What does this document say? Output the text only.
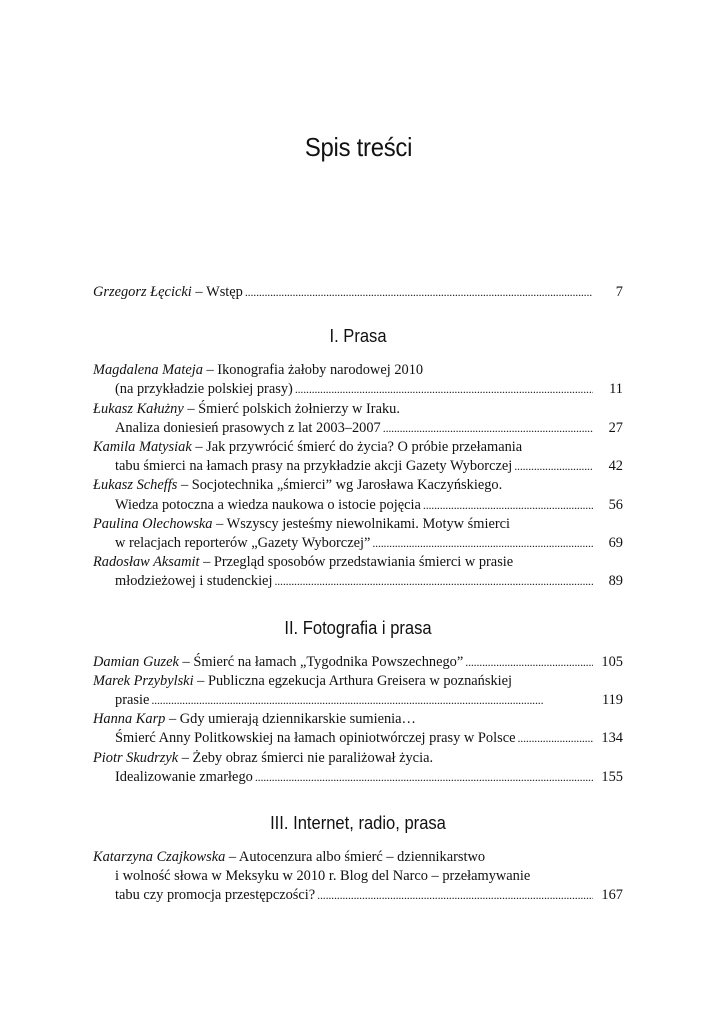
Spis treści
Grzegorz Łęcicki – Wstęp . . .	7
I. Prasa
Magdalena Mateja – Ikonografia żałoby narodowej 2010
(na przykładzie polskiej prasy) . . .	11
Łukasz Kałużny – Śmierć polskich żołnierzy w Iraku.
Analiza doniesień prasowych z lat 2003–2007 . . .	27
Kamila Matysiak – Jak przywrócić śmierć do życia? O próbie przełamania
tabu śmierci na łamach prasy na przykładzie akcji Gazety Wyborczej . . .	42
Łukasz Scheffs – Socjotechnika „śmierci” wg Jarosława Kaczyńskiego.
Wiedza potoczna a wiedza naukowa o istocie pojęcia . . .	56
Paulina Olechowska – Wszyscy jesteśmy niewolnikami. Motyw śmierci
w relacjach reporterów „Gazety Wyborczej” . . .	69
Radosław Aksamit – Przegląd sposobów przedstawiania śmierci w prasie
młodzieżowej i studenckiej . . .	89
II. Fotografia i prasa
Damian Guzek – Śmierć na łamach „Tygodnika Powszechnego” . . .	105
Marek Przybylski – Publiczna egzekucja Arthura Greisera w poznańskiej
prasie . . .	119
Hanna Karp – Gdy umierają dziennikarskie sumienia…
Śmierć Anny Politkowskiej na łamach opiniotwórczej prasy w Polsce . . .	134
Piotr Skudrzyk – Żeby obraz śmierci nie paraliżował życia.
Idealizowanie zmarłego . . .	155
III. Internet, radio, prasa
Katarzyna Czajkowska – Autocenzura albo śmierć – dziennikarstwo
i wolność słowa w Meksyku w 2010 r. Blog del Narco – przełamywanie
tabu czy promocja przestępczości? . . .	167
